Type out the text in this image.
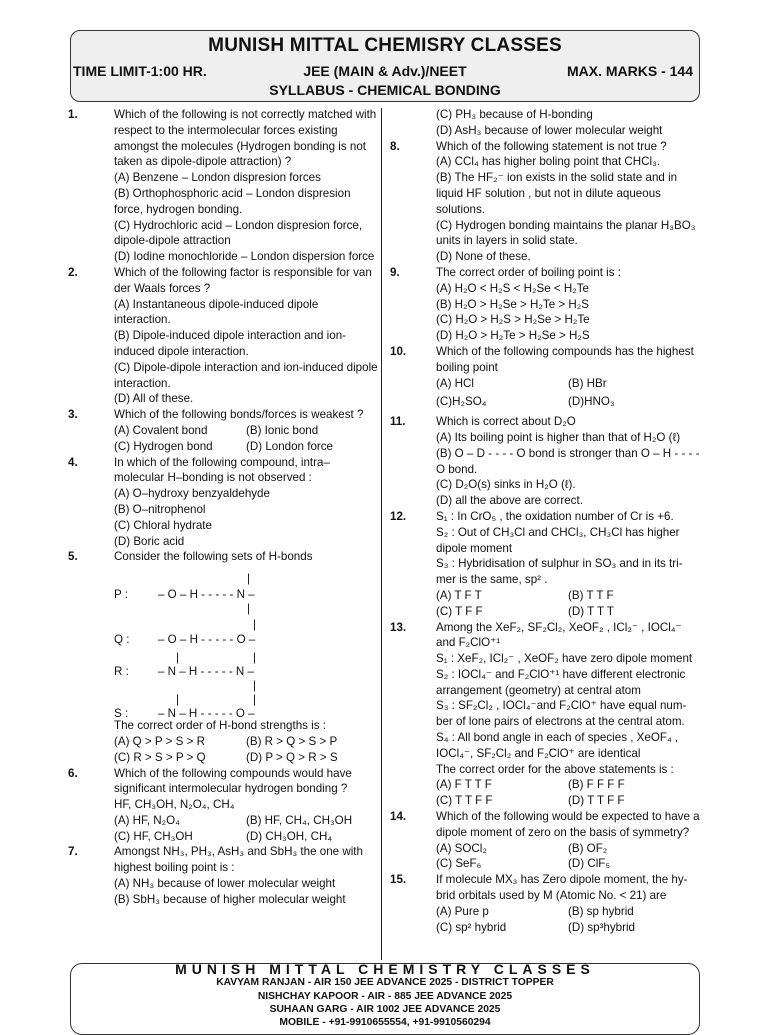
MUNISH MITTAL CHEMISRY CLASSES
TIME LIMIT-1:00 HR.	JEE (MAIN & Adv.)/NEET	MAX. MARKS - 144
SYLLABUS - CHEMICAL BONDING
1.	Which of the following is not correctly matched with respect to the intermolecular forces existing amongst the molecules (Hydrogen bonding is not taken as dipole-dipole attraction) ?

(A) Benzene – London dispresion forces

(B) Orthophosphoric acid – London dispresion force, hydrogen bonding.

(C) Hydrochloric acid – London dispresion force, dipole-dipole attraction

(D) Iodine monochloride – London dispersion force

2.	Which of the following factor is responsible for van der Waals forces ?

(A) Instantaneous dipole-induced dipole interaction.

(B) Dipole-induced dipole interaction and ion-induced dipole interaction.

(C) Dipole-dipole interaction and ion-induced dipole interaction.

(D) All of these.

3.	Which of the following bonds/forces is weakest ?

(A) Covalent bond	(B) Ionic bond
(C) Hydrogen bond	(D) London force
4.	In which of the following compound, intra–molecular H–bonding is not observed :

(A) O–hydroxy benzyaldehyde

(B) O–nitrophenol

(C) Chloral hydrate

(D) Boric acid

5.	Consider the following sets of H-bonds

|
P :	– O – H - - - - - N –
|
|
Q : – O – H - - - - - O –
|	|
R :	– N – H - - - - - N –
|
|	|
S :	– N – H - - - - - O –

The correct order of H-bond strengths is :

(A) Q > P > S > R	(B) R > Q > S > P
(C) R > S > P > Q	(D) P > Q > R > S
6.	Which of the following compounds would have significant intermolecular hydrogen bonding ?

HF, CH₃OH, N₂O₄, CH₄

(A) HF, N₂O₄	(B) HF, CH₄, CH₃OH
(C) HF, CH₃OH	(D) CH₃OH, CH₄
7.	Amongst NH₃, PH₃, AsH₃ and SbH₃ the one with highest boiling point is :

(A) NH₃ because of lower molecular weight

(B) SbH₃ because of higher molecular weight

(C) PH₃ because of H-bonding

(D) AsH₃ because of lower molecular weight

8.	Which of the following statement is not true ?

(A) CCl₄ has higher boling point that CHCl₃.

(B) The HF₂⁻ ion exists in the solid state and in liquid HF solution , but not in dilute aqueous solutions.

(C) Hydrogen bonding maintains the planar H₃BO₃ units in layers in solid state.

(D) None of these.

9.	The correct order of boiling point is :

(A) H₂O < H₂S < H₂Se < H₂Te

(B) H₂O > H₂Se > H₂Te > H₂S

(C) H₂O > H₂S > H₂Se > H₂Te

(D) H₂O > H₂Te > H₂Se > H₂S

10.	Which of the following compounds has the highest boiling point

(A) HCl	(B) HBr
(C)H₂SO₄	(D)HNO₃
11.	Which is correct about D₂O

(A) Its boiling point is higher than that of H₂O (ℓ)

(B) O – D - - - - O bond is stronger than O – H - - - - O bond.

(C) D₂O(s) sinks in H₂O (ℓ).

(D) all the above are correct.

12.	S₁ : In CrO₅ , the oxidation number of Cr is +6.

S₂ : Out of CH₃Cl and CHCl₃, CH₃Cl has higher dipole moment

S₃ : Hybridisation of sulphur in SO₃ and in its tri-mer is the same, sp² .

(A) T F T	(B) T T F
(C) T F F	(D) T T T
13.	Among the XeF₂, SF₂Cl₂, XeOF₂ , ICl₂⁻ , IOCl₄⁻ and F₂ClO⁺¹

S₁ : XeF₂, ICl₂⁻ , XeOF₂ have zero dipole moment

S₂ : IOCl₄⁻ and F₂ClO⁺¹ have different electronic arrangement (geometry) at central atom

S₃ : SF₂Cl₂ , IOCl₄⁻and F₂ClO⁺ have equal num-ber of lone pairs of electrons at the central atom.

S₄ : All bond angle in each of species , XeOF₄ , IOCl₄⁻, SF₂Cl₂ and F₂ClO⁺ are identical

The correct order for the above statements is :

(A) F T T F	(B) F F F F
(C) T T F F	(D) T T F F
14.	Which of the following would be expected to have a dipole moment of zero on the basis of symmetry?

(A) SOCl₂	(B) OF₂
(C) SeF₆	(D) ClF₅
15.	If molecule MX₃ has Zero dipole moment, the hy-brid orbitals used by M (Atomic No. < 21) are

(A) Pure p	(B) sp hybrid
(C) sp² hybrid	(D) sp³hybrid
MUNISH MITTAL CHEMISTRY CLASSES
KAVYAM RANJAN - AIR 150 JEE ADVANCE 2025 - DISTRICT TOPPER
NISHCHAY KAPOOR - AIR - 885 JEE ADVANCE 2025
SUHAAN GARG - AIR 1002 JEE ADVANCE 2025
MOBILE - +91-9910655554, +91-9910560294
